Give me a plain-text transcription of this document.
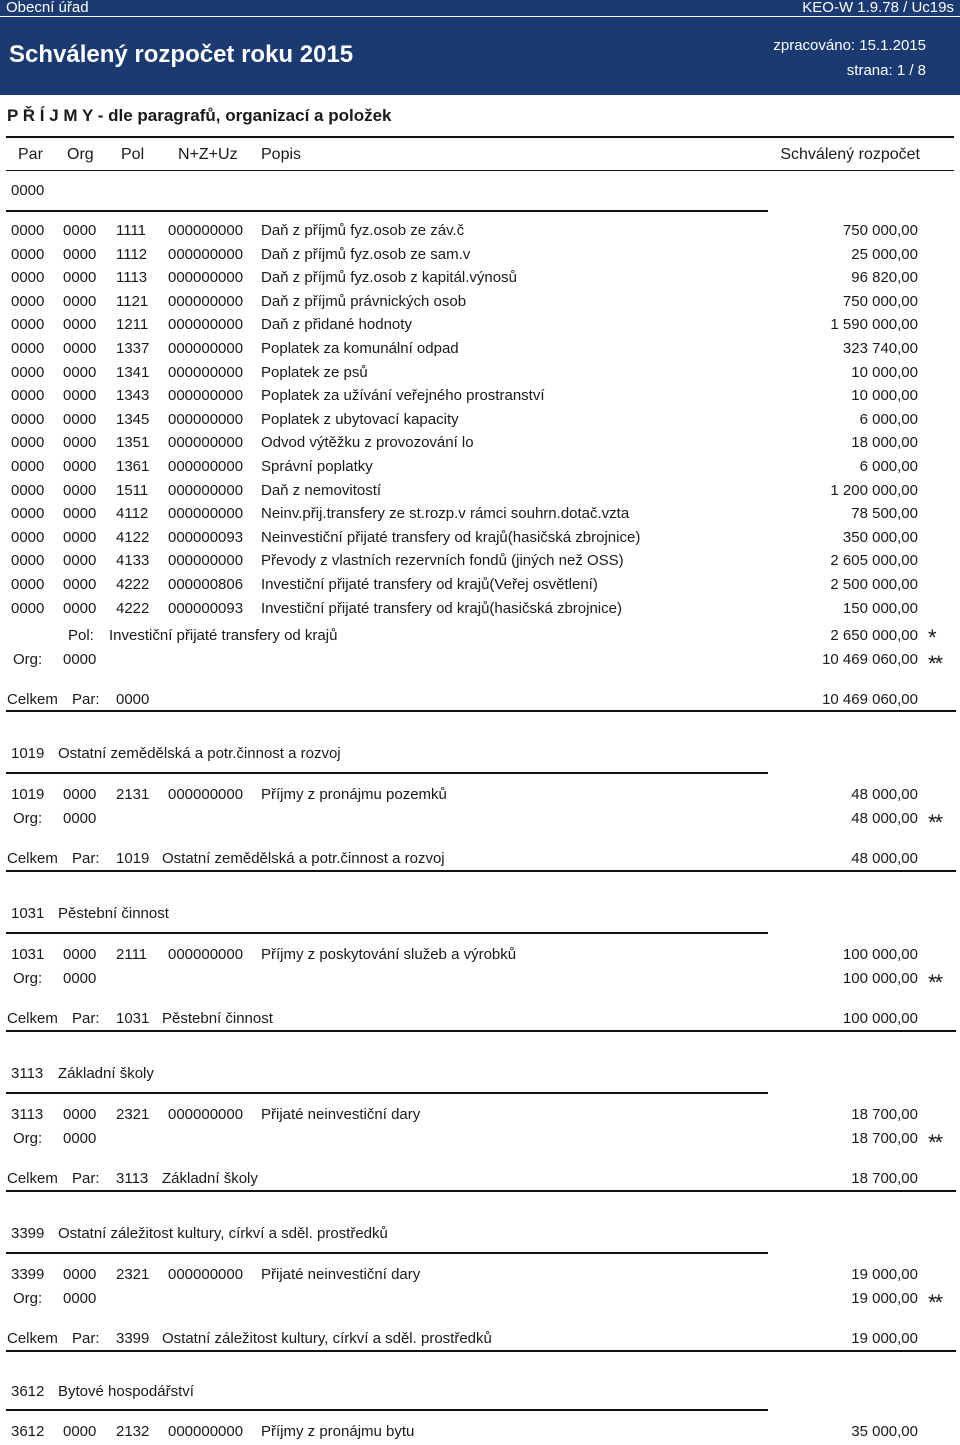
Obecní úřad	KEO-W 1.9.78 / Uc19s
Schválený rozpočet roku 2015	zpracováno: 15.1.2015
strana: 1 / 8
P Ř Í J M Y - dle paragrafů, organizací a položek
Par Org Pol N+Z+Uz Popis	Schválený rozpočet
0000
0000 0000 1111 000000000 Daň z příjmů fyz.osob ze záv.č	750 000,00
0000 0000 1112 000000000 Daň z příjmů fyz.osob ze sam.v	25 000,00
0000 0000 1113 000000000 Daň z příjmů fyz.osob z kapitál.výnosů	96 820,00
0000 0000 1121 000000000 Daň z příjmů právnických osob	750 000,00
0000 0000 1211 000000000 Daň z přidané hodnoty	1 590 000,00
0000 0000 1337 000000000 Poplatek za komunální odpad	323 740,00
0000 0000 1341 000000000 Poplatek ze psů	10 000,00
0000 0000 1343 000000000 Poplatek za užívání veřejného prostranství	10 000,00
0000 0000 1345 000000000 Poplatek z ubytovací kapacity	6 000,00
0000 0000 1351 000000000 Odvod výtěžku z provozování lo	18 000,00
0000 0000 1361 000000000 Správní poplatky	6 000,00
0000 0000 1511 000000000 Daň z nemovitostí	1 200 000,00
0000 0000 4112 000000000 Neinv.přij.transfery ze st.rozp.v rámci souhrn.dotač.vzta	78 500,00
0000 0000 4122 000000093 Neinvestiční přijaté transfery od krajů(hasičská zbrojnice)	350 000,00
0000 0000 4133 000000000 Převody z vlastních rezervních fondů (jiných než OSS)	2 605 000,00
0000 0000 4222 000000806 Investiční přijaté transfery od krajů(Veřej osvětlení)	2 500 000,00
0000 0000 4222 000000093 Investiční přijaté transfery od krajů(hasičská zbrojnice)	150 000,00
Pol: Investiční přijaté transfery od krajů	2 650 000,00 *
Org: 0000	10 469 060,00 **
Celkem Par: 0000	10 469 060,00
1019 Ostatní zemědělská a potr.činnost a rozvoj
1019 0000 2131 000000000 Příjmy z pronájmu pozemků	48 000,00
Org: 0000	48 000,00 **
Celkem Par: 1019 Ostatní zemědělská a potr.činnost a rozvoj	48 000,00
1031 Pěstební činnost
1031 0000 2111 000000000 Příjmy z poskytování služeb a výrobků	100 000,00
Org: 0000	100 000,00 **
Celkem Par: 1031 Pěstební činnost	100 000,00
3113 Základní školy
3113 0000 2321 000000000 Přijaté neinvestiční dary	18 700,00
Org: 0000	18 700,00 **
Celkem Par: 3113 Základní školy	18 700,00
3399 Ostatní záležitost kultury, církví a sděl. prostředků
3399 0000 2321 000000000 Přijaté neinvestiční dary	19 000,00
Org: 0000	19 000,00 **
Celkem Par: 3399 Ostatní záležitost kultury, církví a sděl. prostředků	19 000,00
3612 Bytové hospodářství
3612 0000 2132 000000000 Příjmy z pronájmu bytu	35 000,00
